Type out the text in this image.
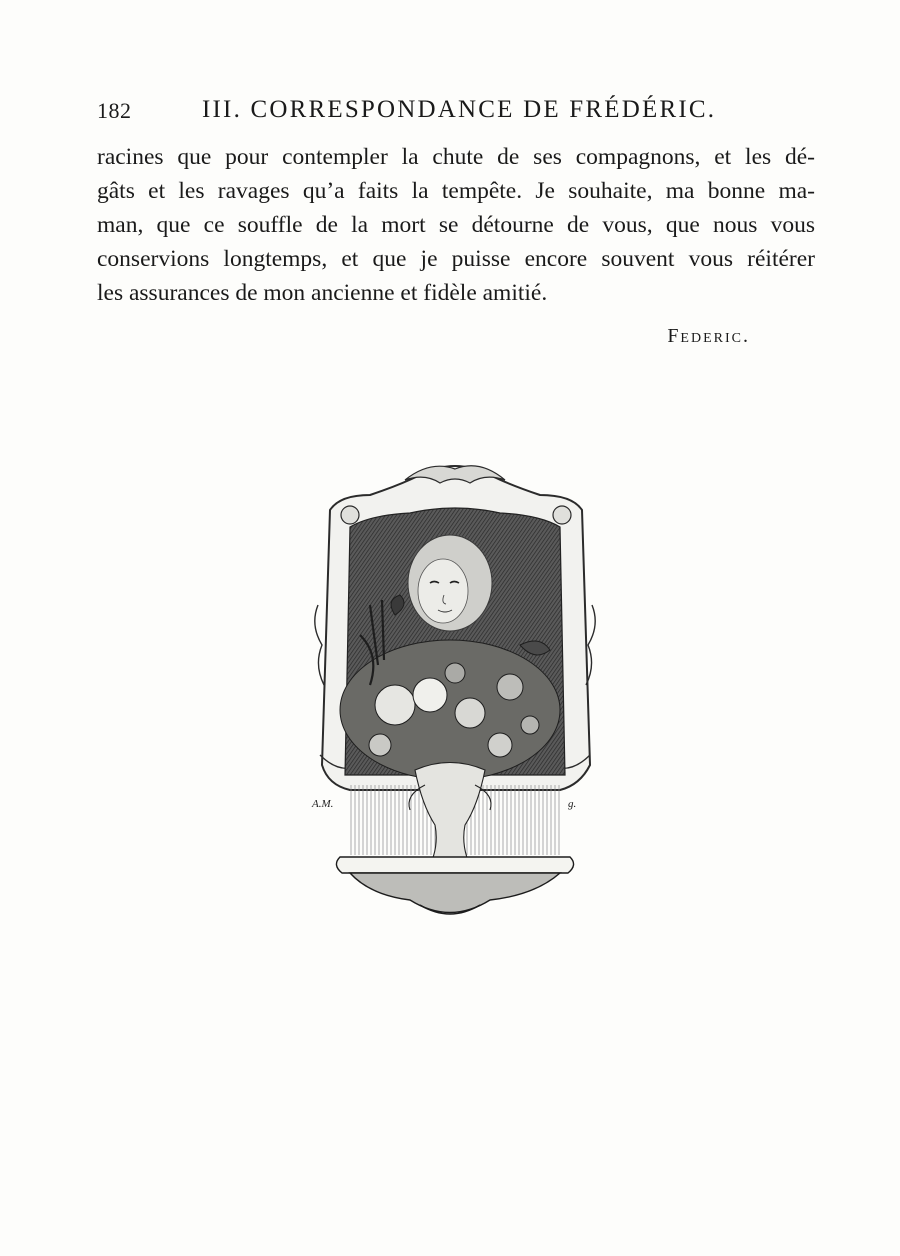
182	III. CORRESPONDANCE DE FRÉDÉRIC.
racines que pour contempler la chute de ses compagnons, et les dé-
gâts et les ravages qu’a faits la tempête. Je souhaite, ma bonne ma-
man, que ce souffle de la mort se détourne de vous, que nous vous
conservions longtemps, et que je puisse encore souvent vous réitérer
les assurances de mon ancienne et fidèle amitié.
Federic.
A.M.	g.
